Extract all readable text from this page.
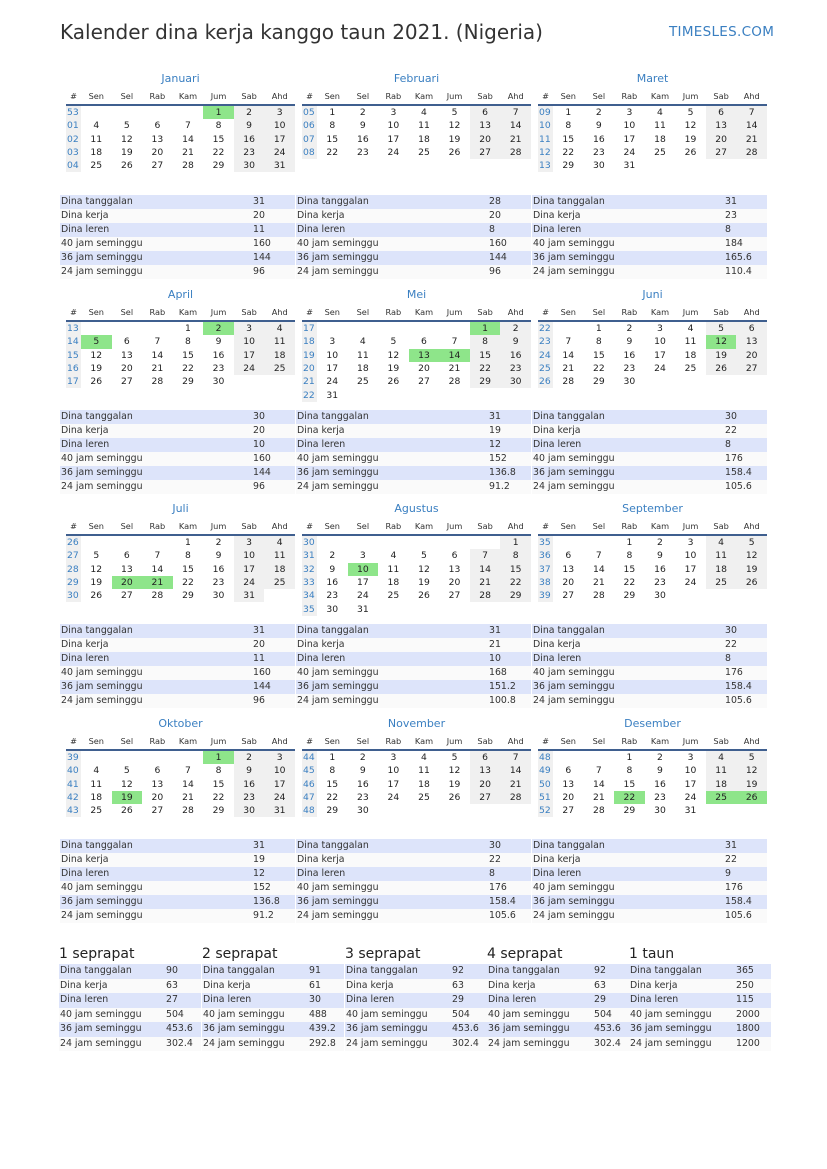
Kalender dina kerja kanggo taun 2021. (Nigeria)	TIMESLES.COM
Januari
#	Sen	Sel	Rab	Kam	Jum	Sab	Ahd
53					1	2	3
01	4	5	6	7	8	9	10
02	11	12	13	14	15	16	17
03	18	19	20	21	22	23	24
04	25	26	27	28	29	30	31
Dina tanggalan	31
Dina kerja	20
Dina leren	11
40 jam seminggu	160
36 jam seminggu	144
24 jam seminggu	96
Februari
#	Sen	Sel	Rab	Kam	Jum	Sab	Ahd
05	1	2	3	4	5	6	7
06	8	9	10	11	12	13	14
07	15	16	17	18	19	20	21
08	22	23	24	25	26	27	28
Dina tanggalan	28
Dina kerja	20
Dina leren	8
40 jam seminggu	160
36 jam seminggu	144
24 jam seminggu	96
Maret
#	Sen	Sel	Rab	Kam	Jum	Sab	Ahd
09	1	2	3	4	5	6	7
10	8	9	10	11	12	13	14
11	15	16	17	18	19	20	21
12	22	23	24	25	26	27	28
13	29	30	31				
Dina tanggalan	31
Dina kerja	23
Dina leren	8
40 jam seminggu	184
36 jam seminggu	165.6
24 jam seminggu	110.4
April
#	Sen	Sel	Rab	Kam	Jum	Sab	Ahd
13				1	2	3	4
14	5	6	7	8	9	10	11
15	12	13	14	15	16	17	18
16	19	20	21	22	23	24	25
17	26	27	28	29	30		
Dina tanggalan	30
Dina kerja	20
Dina leren	10
40 jam seminggu	160
36 jam seminggu	144
24 jam seminggu	96
Mei
#	Sen	Sel	Rab	Kam	Jum	Sab	Ahd
17						1	2
18	3	4	5	6	7	8	9
19	10	11	12	13	14	15	16
20	17	18	19	20	21	22	23
21	24	25	26	27	28	29	30
22	31						
Dina tanggalan	31
Dina kerja	19
Dina leren	12
40 jam seminggu	152
36 jam seminggu	136.8
24 jam seminggu	91.2
Juni
#	Sen	Sel	Rab	Kam	Jum	Sab	Ahd
22		1	2	3	4	5	6
23	7	8	9	10	11	12	13
24	14	15	16	17	18	19	20
25	21	22	23	24	25	26	27
26	28	29	30				
Dina tanggalan	30
Dina kerja	22
Dina leren	8
40 jam seminggu	176
36 jam seminggu	158.4
24 jam seminggu	105.6
Juli
#	Sen	Sel	Rab	Kam	Jum	Sab	Ahd
26				1	2	3	4
27	5	6	7	8	9	10	11
28	12	13	14	15	16	17	18
29	19	20	21	22	23	24	25
30	26	27	28	29	30	31	
Dina tanggalan	31
Dina kerja	20
Dina leren	11
40 jam seminggu	160
36 jam seminggu	144
24 jam seminggu	96
Agustus
#	Sen	Sel	Rab	Kam	Jum	Sab	Ahd
30							1
31	2	3	4	5	6	7	8
32	9	10	11	12	13	14	15
33	16	17	18	19	20	21	22
34	23	24	25	26	27	28	29
35	30	31					
Dina tanggalan	31
Dina kerja	21
Dina leren	10
40 jam seminggu	168
36 jam seminggu	151.2
24 jam seminggu	100.8
September
#	Sen	Sel	Rab	Kam	Jum	Sab	Ahd
35			1	2	3	4	5
36	6	7	8	9	10	11	12
37	13	14	15	16	17	18	19
38	20	21	22	23	24	25	26
39	27	28	29	30			
Dina tanggalan	30
Dina kerja	22
Dina leren	8
40 jam seminggu	176
36 jam seminggu	158.4
24 jam seminggu	105.6
Oktober
#	Sen	Sel	Rab	Kam	Jum	Sab	Ahd
39					1	2	3
40	4	5	6	7	8	9	10
41	11	12	13	14	15	16	17
42	18	19	20	21	22	23	24
43	25	26	27	28	29	30	31
Dina tanggalan	31
Dina kerja	19
Dina leren	12
40 jam seminggu	152
36 jam seminggu	136.8
24 jam seminggu	91.2
November
#	Sen	Sel	Rab	Kam	Jum	Sab	Ahd
44	1	2	3	4	5	6	7
45	8	9	10	11	12	13	14
46	15	16	17	18	19	20	21
47	22	23	24	25	26	27	28
48	29	30					
Dina tanggalan	30
Dina kerja	22
Dina leren	8
40 jam seminggu	176
36 jam seminggu	158.4
24 jam seminggu	105.6
Desember
#	Sen	Sel	Rab	Kam	Jum	Sab	Ahd
48			1	2	3	4	5
49	6	7	8	9	10	11	12
50	13	14	15	16	17	18	19
51	20	21	22	23	24	25	26
52	27	28	29	30	31		
Dina tanggalan	31
Dina kerja	22
Dina leren	9
40 jam seminggu	176
36 jam seminggu	158.4
24 jam seminggu	105.6
1 seprapat
Dina tanggalan	90
Dina kerja	63
Dina leren	27
40 jam seminggu	504
36 jam seminggu	453.6
24 jam seminggu	302.4
2 seprapat
Dina tanggalan	91
Dina kerja	61
Dina leren	30
40 jam seminggu	488
36 jam seminggu	439.2
24 jam seminggu	292.8
3 seprapat
Dina tanggalan	92
Dina kerja	63
Dina leren	29
40 jam seminggu	504
36 jam seminggu	453.6
24 jam seminggu	302.4
4 seprapat
Dina tanggalan	92
Dina kerja	63
Dina leren	29
40 jam seminggu	504
36 jam seminggu	453.6
24 jam seminggu	302.4
1 taun
Dina tanggalan	365
Dina kerja	250
Dina leren	115
40 jam seminggu	2000
36 jam seminggu	1800
24 jam seminggu	1200
